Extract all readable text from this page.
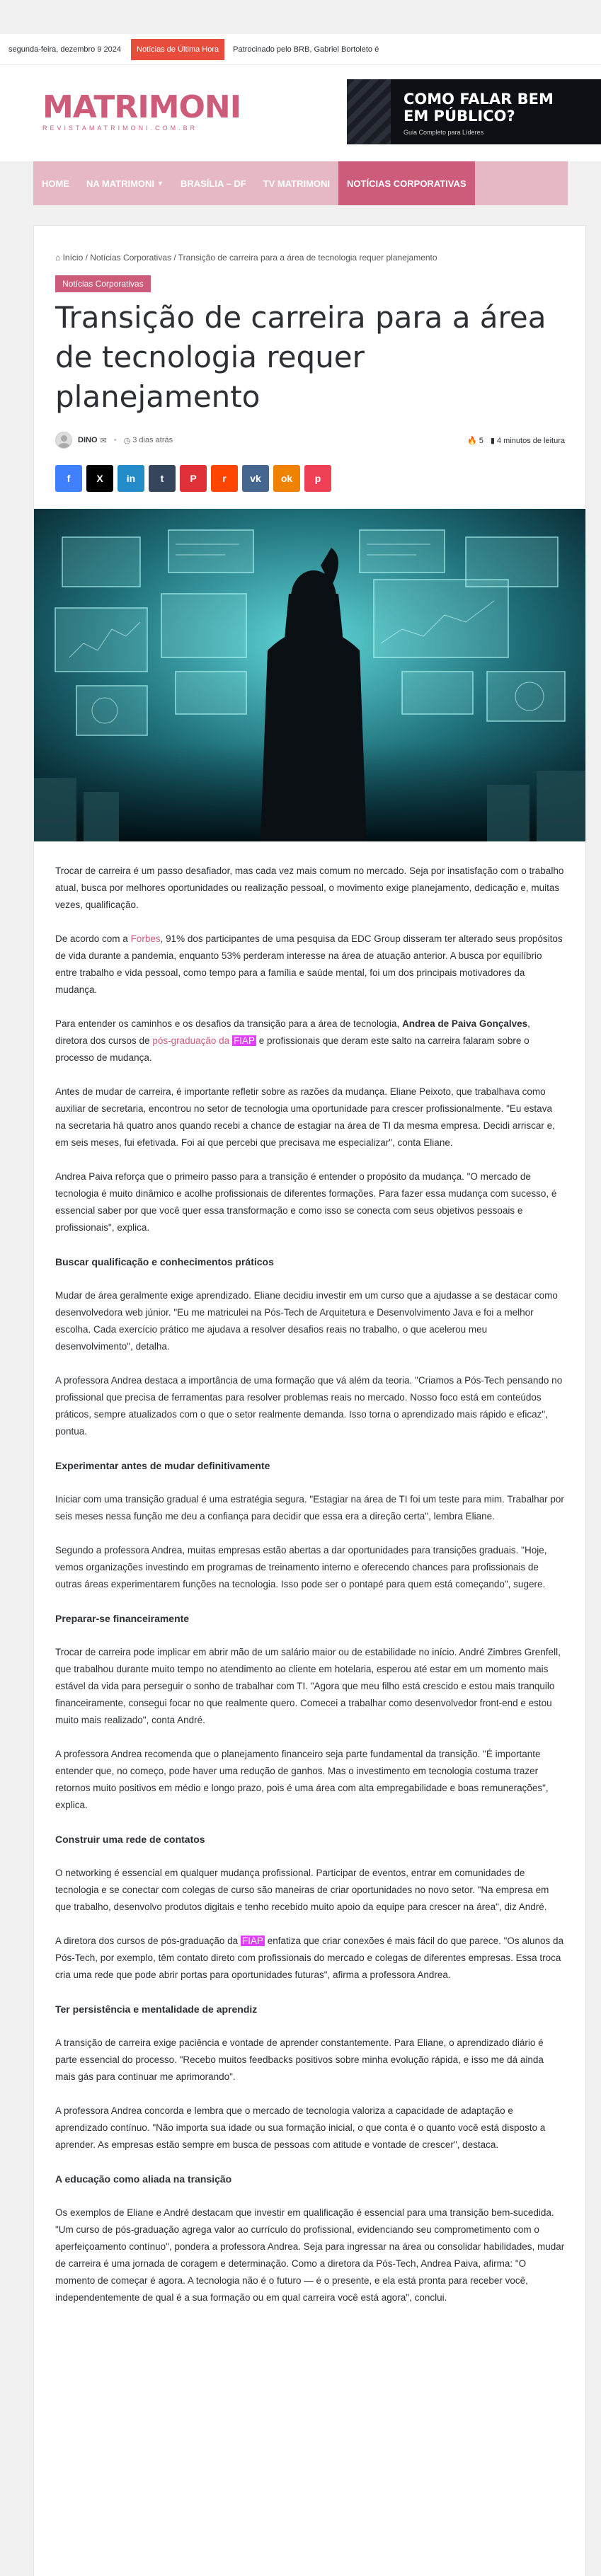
segunda-feira, dezembro 9 2024	Notícias de Última Hora	Patrocinado pelo BRB, Gabriel Bortoleto é
MATRIMONI
REVISTAMATRIMONI.COM.BR
COMO FALAR BEM
EM PÚBLICO?
Guia Completo para Líderes
HOME	NA MATRIMONI ▼	BRASÍLIA – DF	TV MATRIMONI	NOTÍCIAS CORPORATIVAS
⌂ Início / Notícias Corporativas / Transição de carreira para a área de tecnologia requer planejamento
Notícias Corporativas
Transição de carreira para a área de tecnologia requer planejamento
DINO ✉ • ◷ 3 dias atrás	🔥 5 ▮ 4 minutos de leitura
f	X in	t	P	r vk ok p

Trocar de carreira é um passo desafiador, mas cada vez mais comum no mercado. Seja por insatisfação com o trabalho atual, busca por melhores oportunidades ou realização pessoal, o movimento exige planejamento, dedicação e, muitas vezes, qualificação.

De acordo com a Forbes, 91% dos participantes de uma pesquisa da EDC Group disseram ter alterado seus propósitos de vida durante a pandemia, enquanto 53% perderam interesse na área de atuação anterior. A busca por equilíbrio entre trabalho e vida pessoal, como tempo para a família e saúde mental, foi um dos principais motivadores da mudança.

Para entender os caminhos e os desafios da transição para a área de tecnologia, Andrea de Paiva Gonçalves, diretora dos cursos de pós-graduação da FIAP e profissionais que deram este salto na carreira falaram sobre o processo de mudança.

Antes de mudar de carreira, é importante refletir sobre as razões da mudança. Eliane Peixoto, que trabalhava como auxiliar de secretaria, encontrou no setor de tecnologia uma oportunidade para crescer profissionalmente. "Eu estava na secretaria há quatro anos quando recebi a chance de estagiar na área de TI da mesma empresa. Decidi arriscar e, em seis meses, fui efetivada. Foi aí que percebi que precisava me especializar", conta Eliane.

Andrea Paiva reforça que o primeiro passo para a transição é entender o propósito da mudança. "O mercado de tecnologia é muito dinâmico e acolhe profissionais de diferentes formações. Para fazer essa mudança com sucesso, é essencial saber por que você quer essa transformação e como isso se conecta com seus objetivos pessoais e profissionais", explica.

Buscar qualificação e conhecimentos práticos

Mudar de área geralmente exige aprendizado. Eliane decidiu investir em um curso que a ajudasse a se destacar como desenvolvedora web júnior. "Eu me matriculei na Pós-Tech de Arquitetura e Desenvolvimento Java e foi a melhor escolha. Cada exercício prático me ajudava a resolver desafios reais no trabalho, o que acelerou meu desenvolvimento", detalha.

A professora Andrea destaca a importância de uma formação que vá além da teoria. "Criamos a Pós-Tech pensando no profissional que precisa de ferramentas para resolver problemas reais no mercado. Nosso foco está em conteúdos práticos, sempre atualizados com o que o setor realmente demanda. Isso torna o aprendizado mais rápido e eficaz", pontua.

Experimentar antes de mudar definitivamente

Iniciar com uma transição gradual é uma estratégia segura. "Estagiar na área de TI foi um teste para mim. Trabalhar por seis meses nessa função me deu a confiança para decidir que essa era a direção certa", lembra Eliane.

Segundo a professora Andrea, muitas empresas estão abertas a dar oportunidades para transições graduais. "Hoje, vemos organizações investindo em programas de treinamento interno e oferecendo chances para profissionais de outras áreas experimentarem funções na tecnologia. Isso pode ser o pontapé para quem está começando", sugere.

Preparar-se financeiramente

Trocar de carreira pode implicar em abrir mão de um salário maior ou de estabilidade no início. André Zimbres Grenfell, que trabalhou durante muito tempo no atendimento ao cliente em hotelaria, esperou até estar em um momento mais estável da vida para perseguir o sonho de trabalhar com TI. "Agora que meu filho está crescido e estou mais tranquilo financeiramente, consegui focar no que realmente quero. Comecei a trabalhar como desenvolvedor front-end e estou muito mais realizado", conta André.

A professora Andrea recomenda que o planejamento financeiro seja parte fundamental da transição. "É importante entender que, no começo, pode haver uma redução de ganhos. Mas o investimento em tecnologia costuma trazer retornos muito positivos em médio e longo prazo, pois é uma área com alta empregabilidade e boas remunerações", explica.

Construir uma rede de contatos

O networking é essencial em qualquer mudança profissional. Participar de eventos, entrar em comunidades de tecnologia e se conectar com colegas de curso são maneiras de criar oportunidades no novo setor. "Na empresa em que trabalho, desenvolvo produtos digitais e tenho recebido muito apoio da equipe para crescer na área", diz André.

A diretora dos cursos de pós-graduação da FIAP enfatiza que criar conexões é mais fácil do que parece. "Os alunos da Pós-Tech, por exemplo, têm contato direto com profissionais do mercado e colegas de diferentes empresas. Essa troca cria uma rede que pode abrir portas para oportunidades futuras", afirma a professora Andrea.

Ter persistência e mentalidade de aprendiz

A transição de carreira exige paciência e vontade de aprender constantemente. Para Eliane, o aprendizado diário é parte essencial do processo. "Recebo muitos feedbacks positivos sobre minha evolução rápida, e isso me dá ainda mais gás para continuar me aprimorando".

A professora Andrea concorda e lembra que o mercado de tecnologia valoriza a capacidade de adaptação e aprendizado contínuo. "Não importa sua idade ou sua formação inicial, o que conta é o quanto você está disposto a aprender. As empresas estão sempre em busca de pessoas com atitude e vontade de crescer", destaca.

A educação como aliada na transição

Os exemplos de Eliane e André destacam que investir em qualificação é essencial para uma transição bem-sucedida. "Um curso de pós-graduação agrega valor ao currículo do profissional, evidenciando seu comprometimento com o aperfeiçoamento contínuo", pondera a professora Andrea. Seja para ingressar na área ou consolidar habilidades, mudar de carreira é uma jornada de coragem e determinação. Como a diretora da Pós-Tech, Andrea Paiva, afirma: "O momento de começar é agora. A tecnologia não é o futuro — é o presente, e ela está pronta para receber você, independentemente de qual é a sua formação ou em qual carreira você está agora", conclui.
